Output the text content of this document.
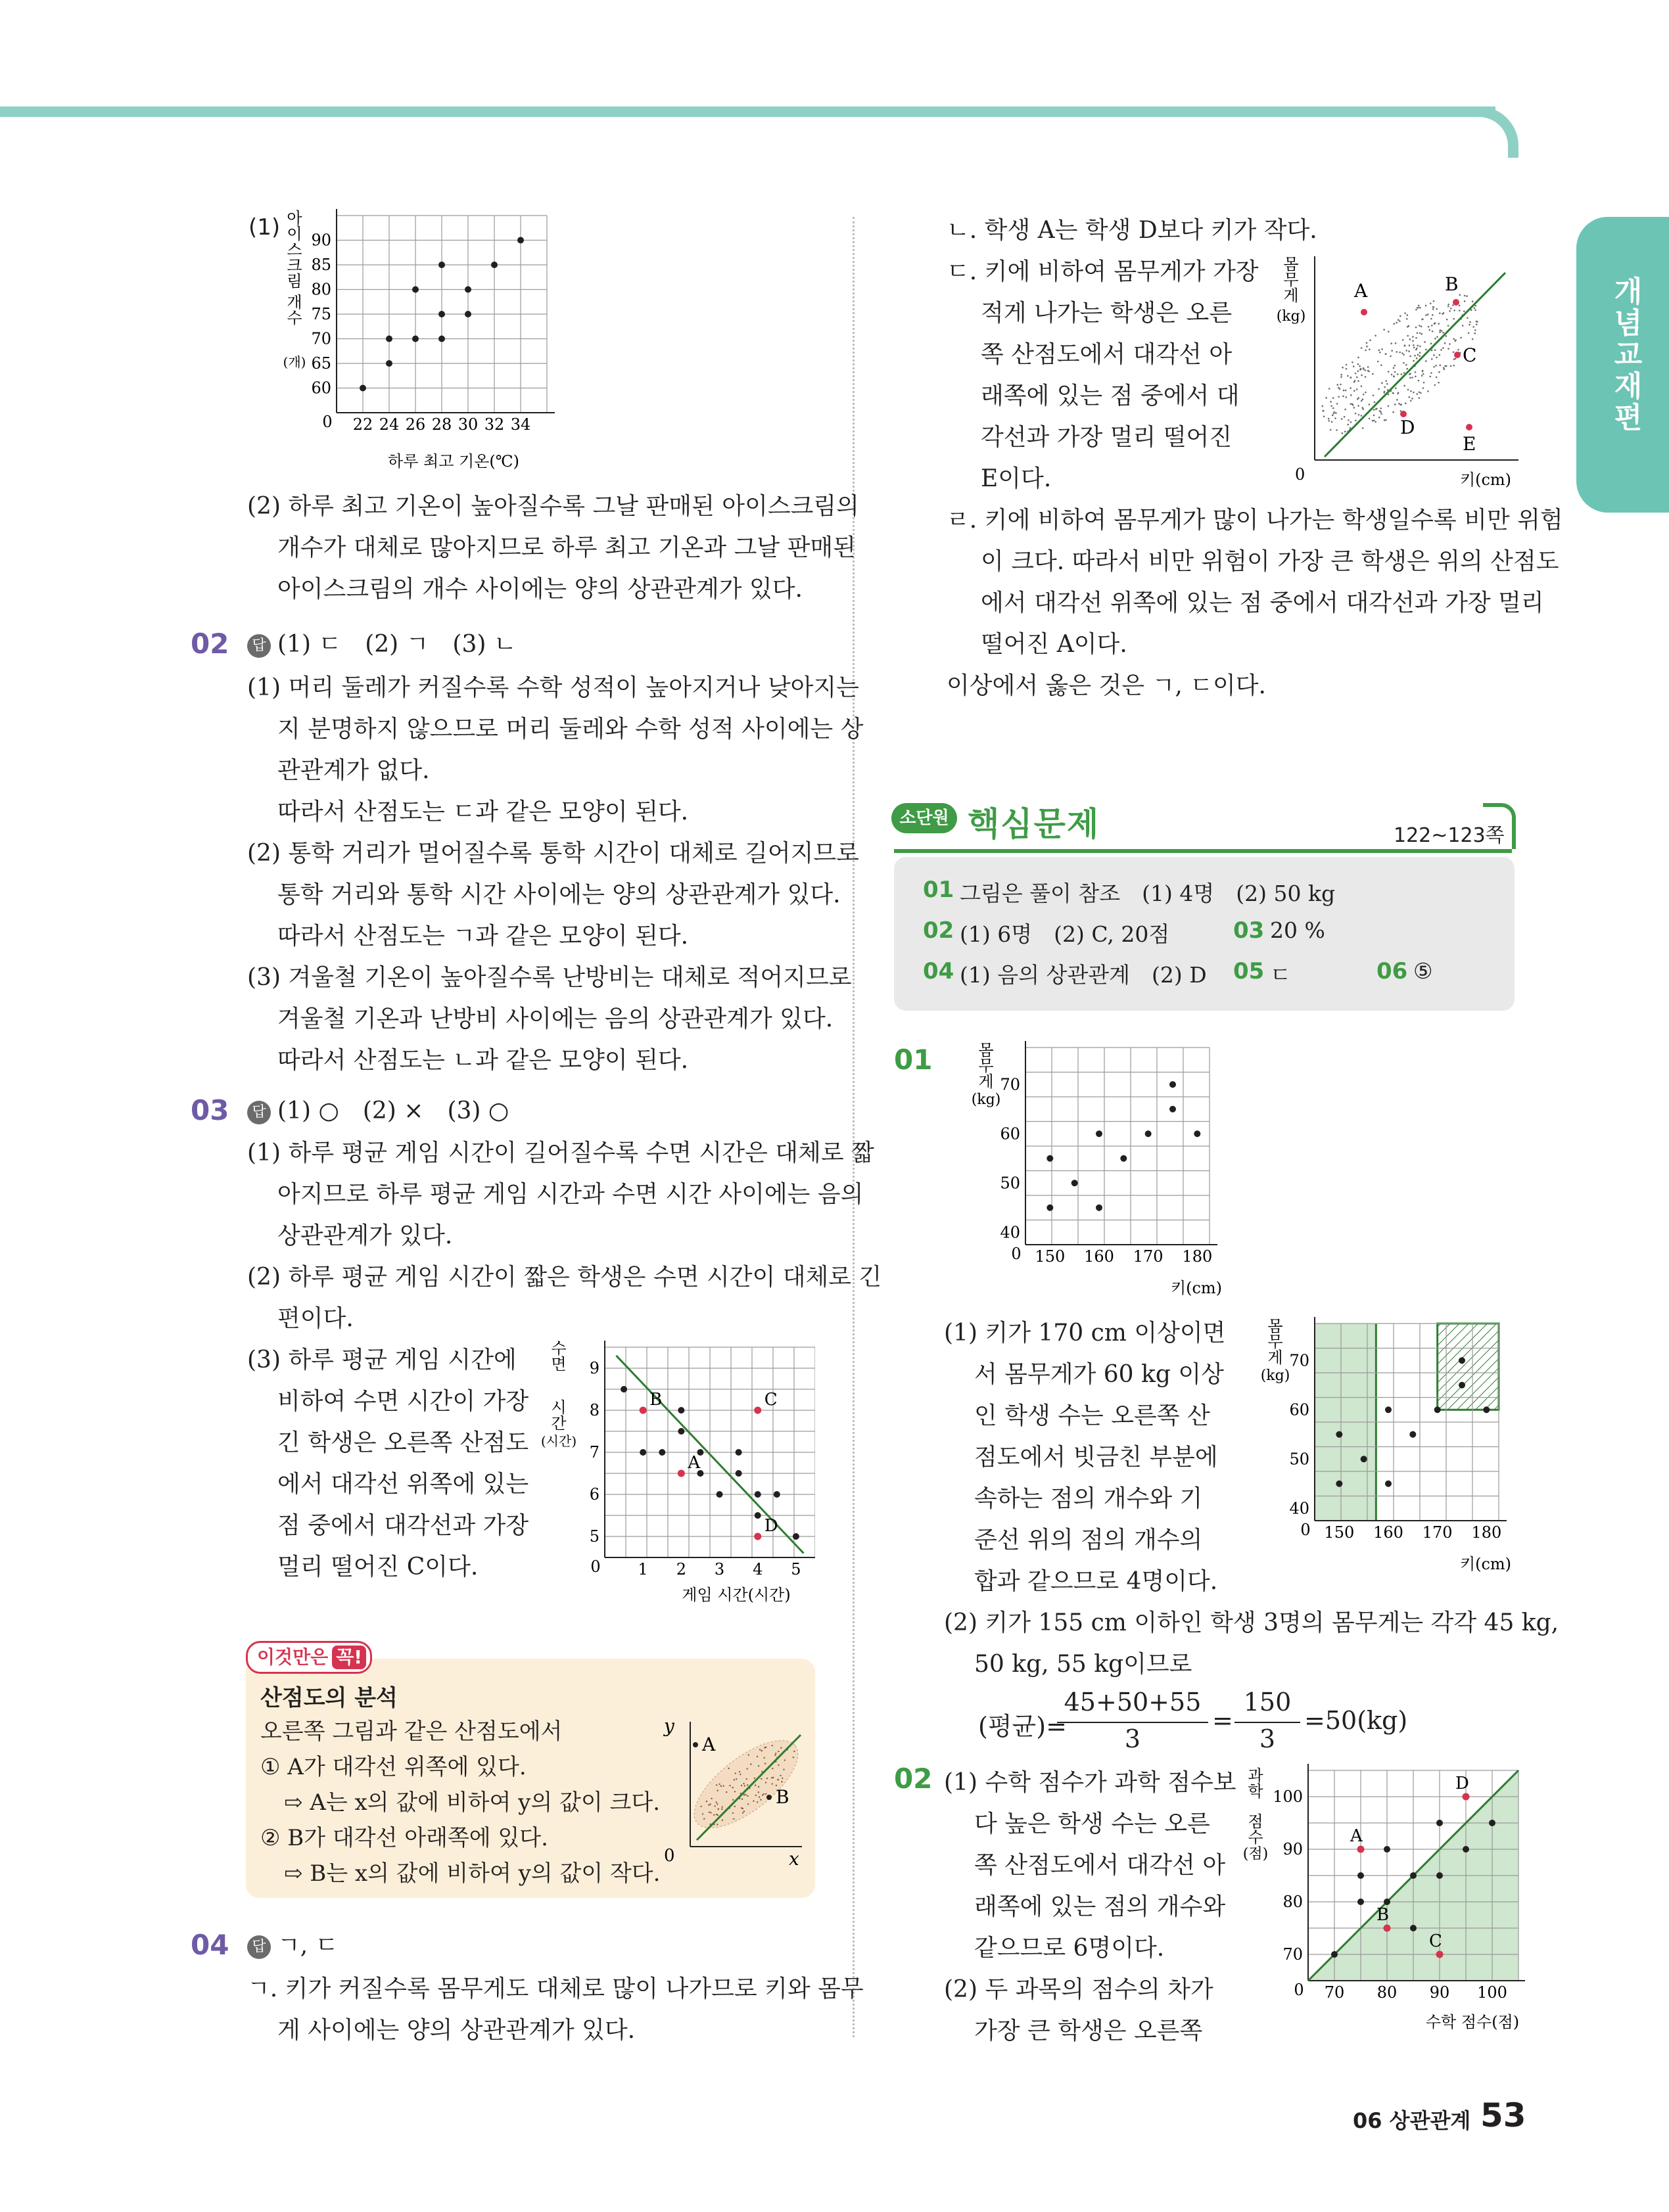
개념교재편
(1)
0
60
65
70
75
80
85
90
22 24 26 28 30 32 34
아
이
스
크
림
개
수
(개)
하루 최고 기온(℃)
(2) 하루 최고 기온이 높아질수록 그날 판매된 아이스크림의
개수가 대체로 많아지므로 하루 최고 기온과 그날 판매된
아이스크림의 개수 사이에는 양의 상관관계가 있다.
02	답 (1) ㄷ　(2) ㄱ　(3) ㄴ
(1) 머리 둘레가 커질수록 수학 성적이 높아지거나 낮아지는
지 분명하지 않으므로 머리 둘레와 수학 성적 사이에는 상
관관계가 없다.
따라서 산점도는 ㄷ과 같은 모양이 된다.
(2) 통학 거리가 멀어질수록 통학 시간이 대체로 길어지므로
통학 거리와 통학 시간 사이에는 양의 상관관계가 있다.
따라서 산점도는 ㄱ과 같은 모양이 된다.
(3) 겨울철 기온이 높아질수록 난방비는 대체로 적어지므로
겨울철 기온과 난방비 사이에는 음의 상관관계가 있다.
따라서 산점도는 ㄴ과 같은 모양이 된다.
03	답 (1) ○　(2) ×　(3) ○
(1) 하루 평균 게임 시간이 길어질수록 수면 시간은 대체로 짧
아지므로 하루 평균 게임 시간과 수면 시간 사이에는 음의
상관관계가 있다.
(2) 하루 평균 게임 시간이 짧은 학생은 수면 시간이 대체로 긴
편이다.
(3) 하루 평균 게임 시간에
비하여 수면 시간이 가장
긴 학생은 오른쪽 산점도
에서 대각선 위쪽에 있는
점 중에서 대각선과 가장
멀리 떨어진 C이다.	0
5
6
7
8
9
1 2 3 4 5
B	C
A
D
수
면
시
간
(시간)
게임 시간(시간)
이것만은 꼭!
산점도의 분석
오른쪽 그림과 같은 산점도에서
① A가 대각선 위쪽에 있다.
⇨ A는 x의 값에 비하여 y의 값이 크다.
② B가 대각선 아래쪽에 있다.
⇨ B는 x의 값에 비하여 y의 값이 작다.
A
B
y
x
0
04	답 ㄱ, ㄷ
ㄱ. 키가 커질수록 몸무게도 대체로 많이 나가므로 키와 몸무
게 사이에는 양의 상관관계가 있다.
ㄴ. 학생 A는 학생 D보다 키가 작다.
ㄷ. 키에 비하여 몸무게가 가장
적게 나가는 학생은 오른
쪽 산점도에서 대각선 아
래쪽에 있는 점 중에서 대
각선과 가장 멀리 떨어진
E이다.
ㄹ. 키에 비하여 몸무게가 많이 나가는 학생일수록 비만 위험
이 크다. 따라서 비만 위험이 가장 큰 학생은 위의 산점도
에서 대각선 위쪽에 있는 점 중에서 대각선과 가장 멀리
떨어진 A이다.
이상에서 옳은 것은 ㄱ, ㄷ이다.
A	B
C
D
E
몸
무
게
(kg)
0	키(cm)
소단원 핵심문제	122~123쪽
01 그림은 풀이 참조　(1) 4명　(2) 50 kg
02 (1) 6명　(2) C, 20점	03 20 %
04 (1) 음의 상관관계　(2) D 05 ㄷ	06 ⑤
01
0
40
50
60
70
150 160 170 180
몸
무
게
(kg)
키(cm)
0
40
50
60
70
150 160 170 180
몸
무
게
(kg)
키(cm)
(1) 키가 170 cm 이상이면
서 몸무게가 60 kg 이상
인 학생 수는 오른쪽 산
점도에서 빗금친 부분에
속하는 점의 개수와 기
준선 위의 점의 개수의
합과 같으므로 4명이다.
(2) 키가 155 cm 이하인 학생 3명의 몸무게는 각각 45 kg,
50 kg, 55 kg이므로
(평균)=
45+50+55
3
=
150
3
=50(kg)
02
0
70
80
90
100
70 80 90 100
A
B
C
D
과
학
점
수
(점)
수학 점수(점)
(1) 수학 점수가 과학 점수보
다 높은 학생 수는 오른
쪽 산점도에서 대각선 아
래쪽에 있는 점의 개수와
같으므로 6명이다.
(2) 두 과목의 점수의 차가
가장 큰 학생은 오른쪽
06 상관관계 53
